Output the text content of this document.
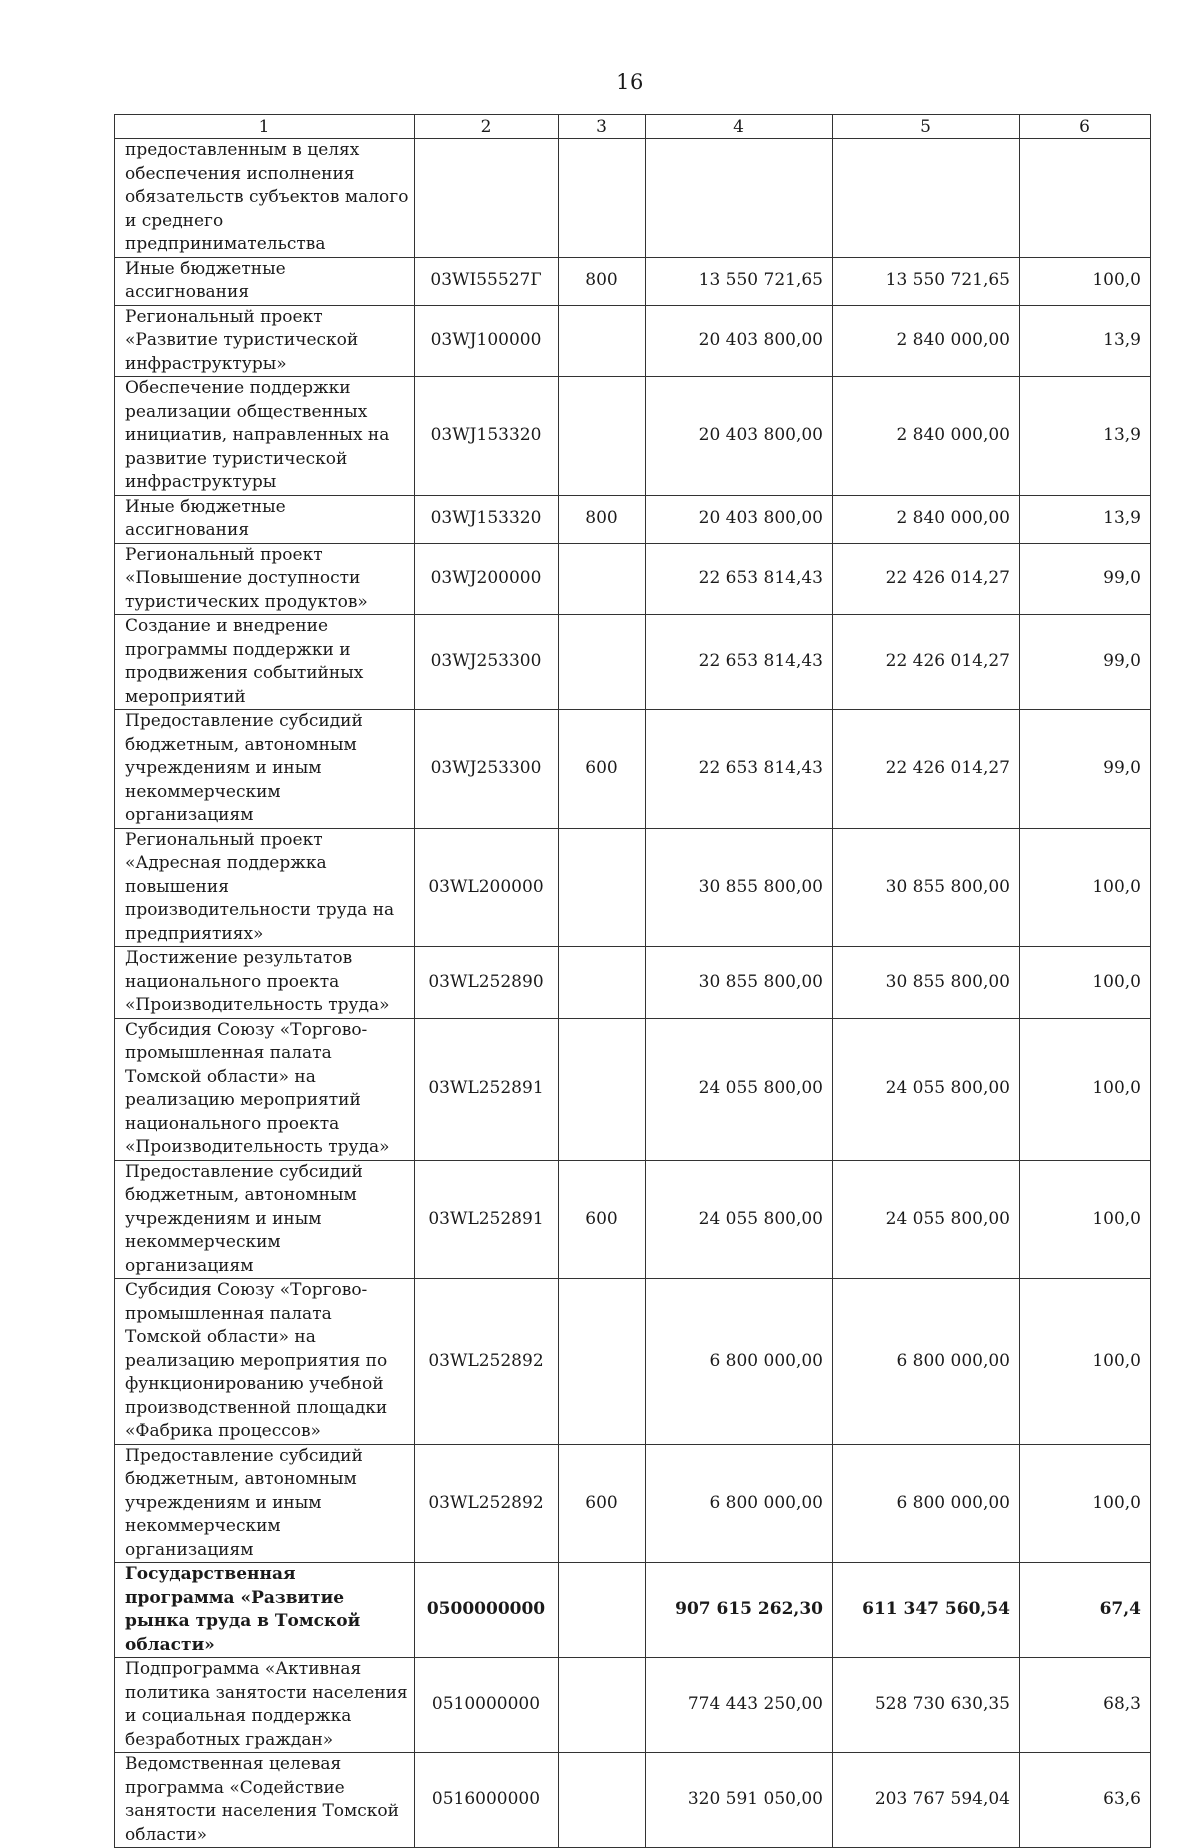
16
1	2	3	4	5	6
предоставленным в целях обеспечения исполнения обязательств субъектов малого и среднего предпринимательства					
Иные бюджетные ассигнования	03WI55527Г	800	13 550 721,65	13 550 721,65	100,0
Региональный проект «Развитие туристической инфраструктуры»	03WJ100000		20 403 800,00	2 840 000,00	13,9
Обеспечение поддержки реализации общественных инициатив, направленных на развитие туристической инфраструктуры	03WJ153320		20 403 800,00	2 840 000,00	13,9
Иные бюджетные ассигнования	03WJ153320	800	20 403 800,00	2 840 000,00	13,9
Региональный проект «Повышение доступности туристических продуктов»	03WJ200000		22 653 814,43	22 426 014,27	99,0
Создание и внедрение программы поддержки и продвижения событийных мероприятий	03WJ253300		22 653 814,43	22 426 014,27	99,0
Предоставление субсидий бюджетным, автономным учреждениям и иным некоммерческим организациям	03WJ253300	600	22 653 814,43	22 426 014,27	99,0
Региональный проект «Адресная поддержка повышения производительности труда на предприятиях»	03WL200000		30 855 800,00	30 855 800,00	100,0
Достижение результатов национального проекта «Производительность труда»	03WL252890		30 855 800,00	30 855 800,00	100,0
Субсидия Союзу «Торгово-промышленная палата Томской области» на реализацию мероприятий национального проекта «Производительность труда»	03WL252891		24 055 800,00	24 055 800,00	100,0
Предоставление субсидий бюджетным, автономным учреждениям и иным некоммерческим организациям	03WL252891	600	24 055 800,00	24 055 800,00	100,0
Субсидия Союзу «Торгово-промышленная палата Томской области» на реализацию мероприятия по функционированию учебной производственной площадки «Фабрика процессов»	03WL252892		6 800 000,00	6 800 000,00	100,0
Предоставление субсидий бюджетным, автономным учреждениям и иным некоммерческим организациям	03WL252892	600	6 800 000,00	6 800 000,00	100,0
Государственная программа «Развитие рынка труда в Томской области»	0500000000		907 615 262,30	611 347 560,54	67,4
Подпрограмма «Активная политика занятости населения и социальная поддержка безработных граждан»	0510000000		774 443 250,00	528 730 630,35	68,3
Ведомственная целевая программа «Содействие занятости населения Томской области»	0516000000		320 591 050,00	203 767 594,04	63,6
